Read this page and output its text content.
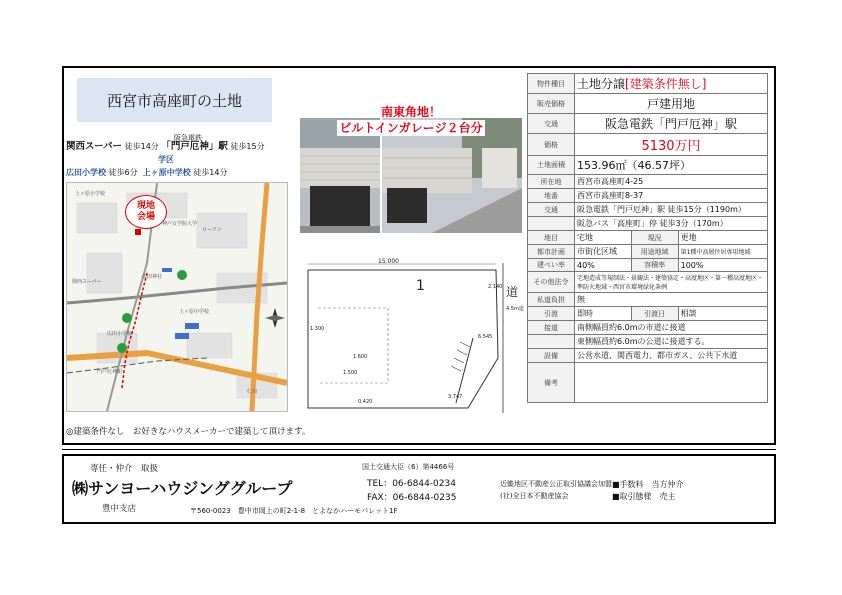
西宮市高座町の土地
阪急電鉄
関西スーパー 徒歩14分 「門戸厄神」駅 徒歩15分
学区
広田小学校 徒歩6分 上ヶ原中学校 徒歩14分
上ヶ原小学校
神戸女学院大学
ローソン
関西スーパー
広田小学校
広田神社
上ヶ原中学校
門戸厄神駅
仁川
現地
会場
南東角地！
ビルトインガレージ２台分
15.000
1	道
4.5m道
1.300
1.600
1.500
0.420
6.545
3.747
2.140
物件種目	土地分譲[建築条件無し]		
販売価格	戸建用地		
交通	阪急電鉄「門戸厄神」駅		
価格	5130万円		
土地面積	153.96㎡（46.57坪）		
所在地	西宮市高座町4-25		
地番	西宮市高座町8-37		
交通	阪急電鉄「門戸厄神」駅 徒歩15分（1190m）		
	阪急バス「高座町」停 徒歩3分（170m）		
地目	宅地	現況	更地
都市計画	市街化区域	用途地域	第1種中高層住居専用地域
建ぺい率	40%	容積率	100%
その他法令	宅地造成等規制法・景観法・建築協定・高度地区・第一種高度地区・準防火地域・西宮市環境緑化条例		
私道負担	無		
引渡	即時	引渡日	相談
接道	南側幅員約6.0mの市道に接道		
	東側幅員約6.0mの公道に接道する。		
設備	公営水道、関西電力、都市ガス、公共下水道		
備考			
◎建築条件なし　お好きなハウスメーカーで建築して頂けます。
専任・仲介　取扱
㈱サンヨーハウジンググループ
豊中支店	〒560-0023　豊中市岡上の町2-1-8　とよなかハーモパレット1F
国土交通大臣（6）第4466号
TEL：06-6844-0234
FAX：06-6844-0235
近畿地区不動産公正取引協議会加盟
(社)全日本不動産協会
■手数料　当方仲介
■取引態様　売主
